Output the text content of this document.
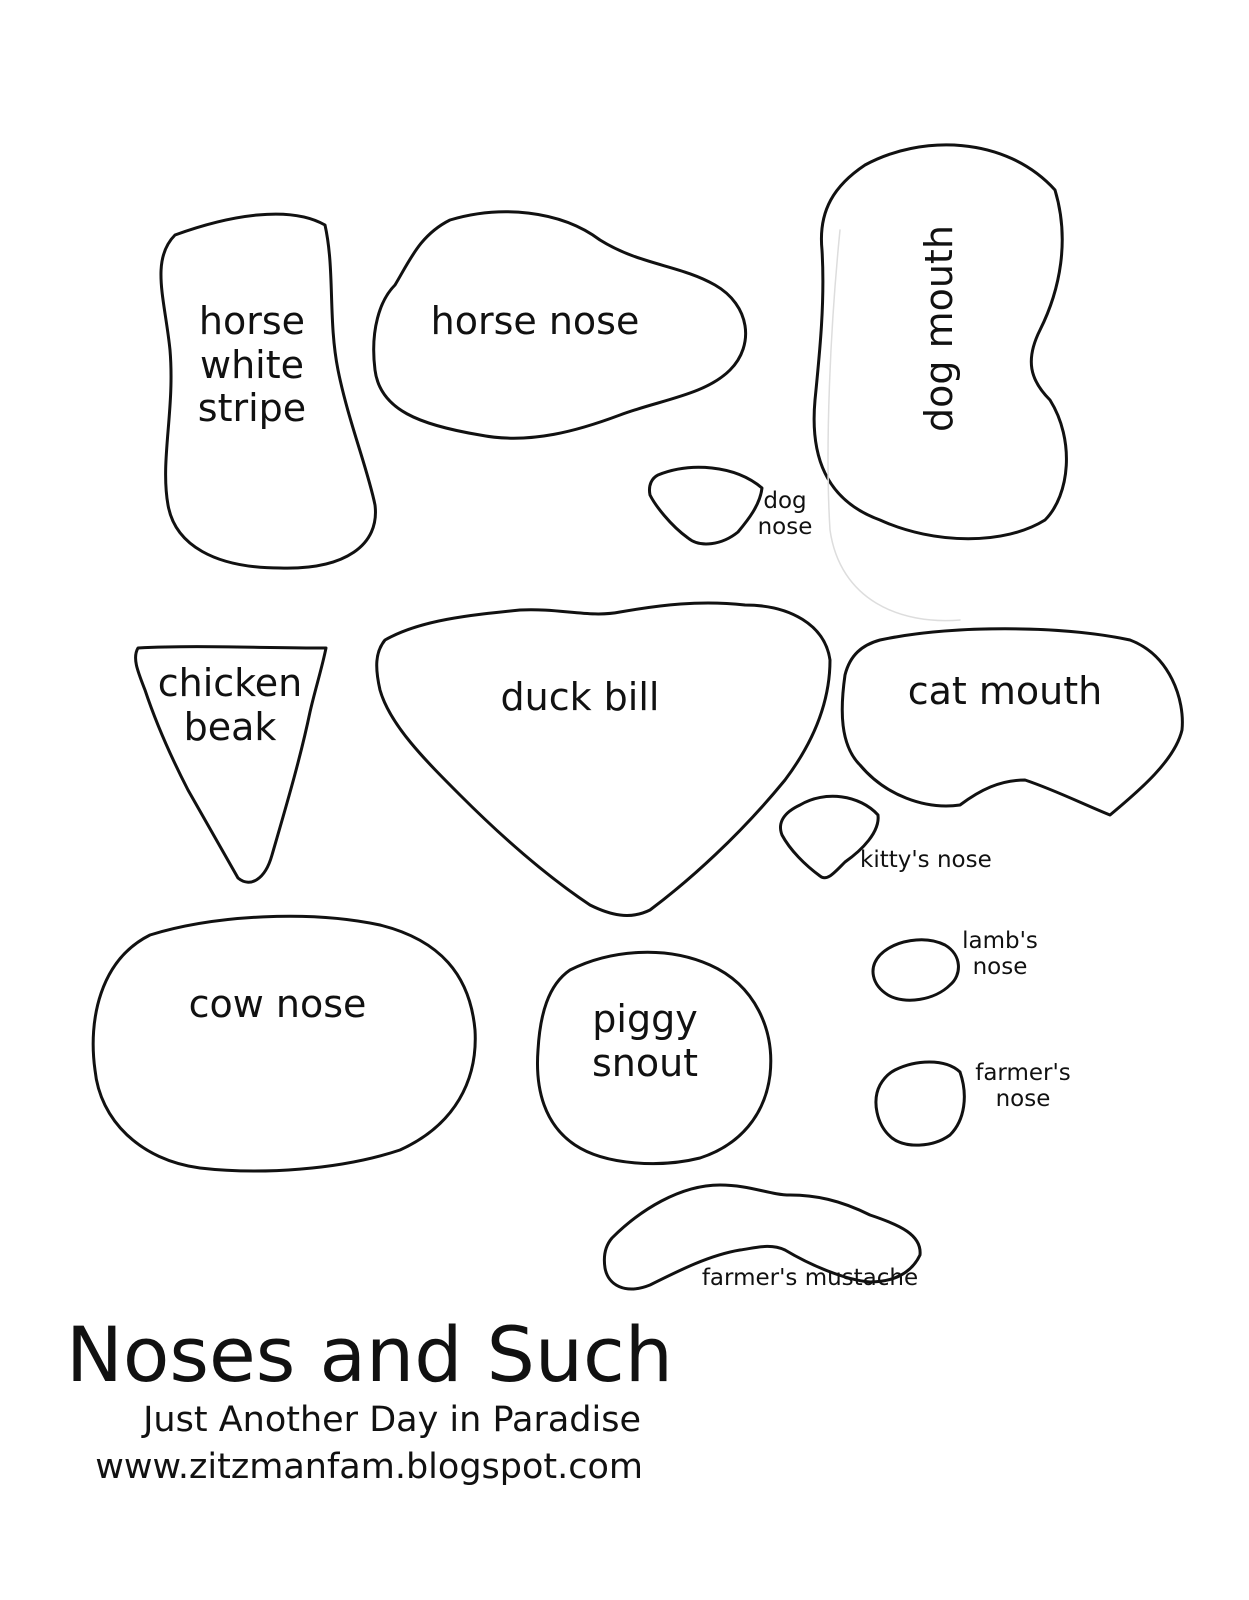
horse
white
stripe
horse nose	dog mouth
dog
nose
chicken
beak
duck bill	cat mouth
kitty's nose
cow nose	piggy
snout
lamb's
nose
farmer's
nose
farmer's mustache
Noses and Such
Just Another Day in Paradise
www.zitzmanfam.blogspot.com
